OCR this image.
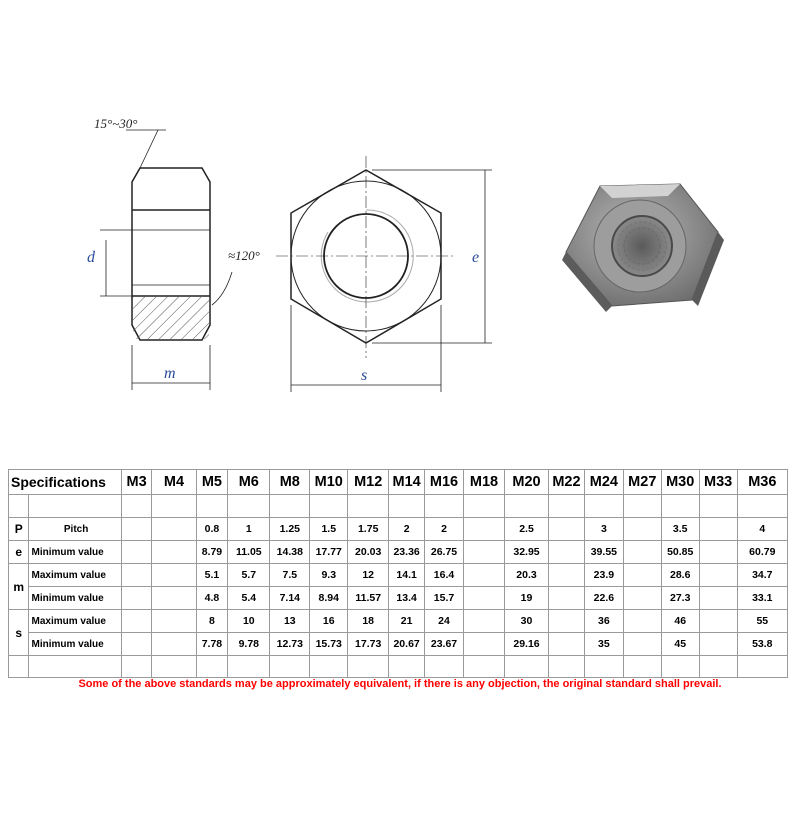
15°~30°
≈120°
d
m	s
e
Specifications		M3	M4	M5	M6	M8	M10	M12	M14	M16	M18	M20	M22	M24	M27	M30	M33	M36

P	Pitch			0.8	1	1.25	1.5	1.75	2	2		2.5		3		3.5		4
e	Minimum value			8.79	11.05	14.38	17.77	20.03	23.36	26.75		32.95		39.55		50.85		60.79
m	Maximum value			5.1	5.7	7.5	9.3	12	14.1	16.4		20.3		23.9		28.6		34.7
	Minimum value			4.8	5.4	7.14	8.94	11.57	13.4	15.7		19		22.6		27.3		33.1
s	Maximum value			8	10	13	16	18	21	24		30		36		46		55
	Minimum value			7.78	9.78	12.73	15.73	17.73	20.67	23.67		29.16		35		45		53.8

Some of the above standards may be approximately equivalent, if there is any objection, the original standard shall prevail.
